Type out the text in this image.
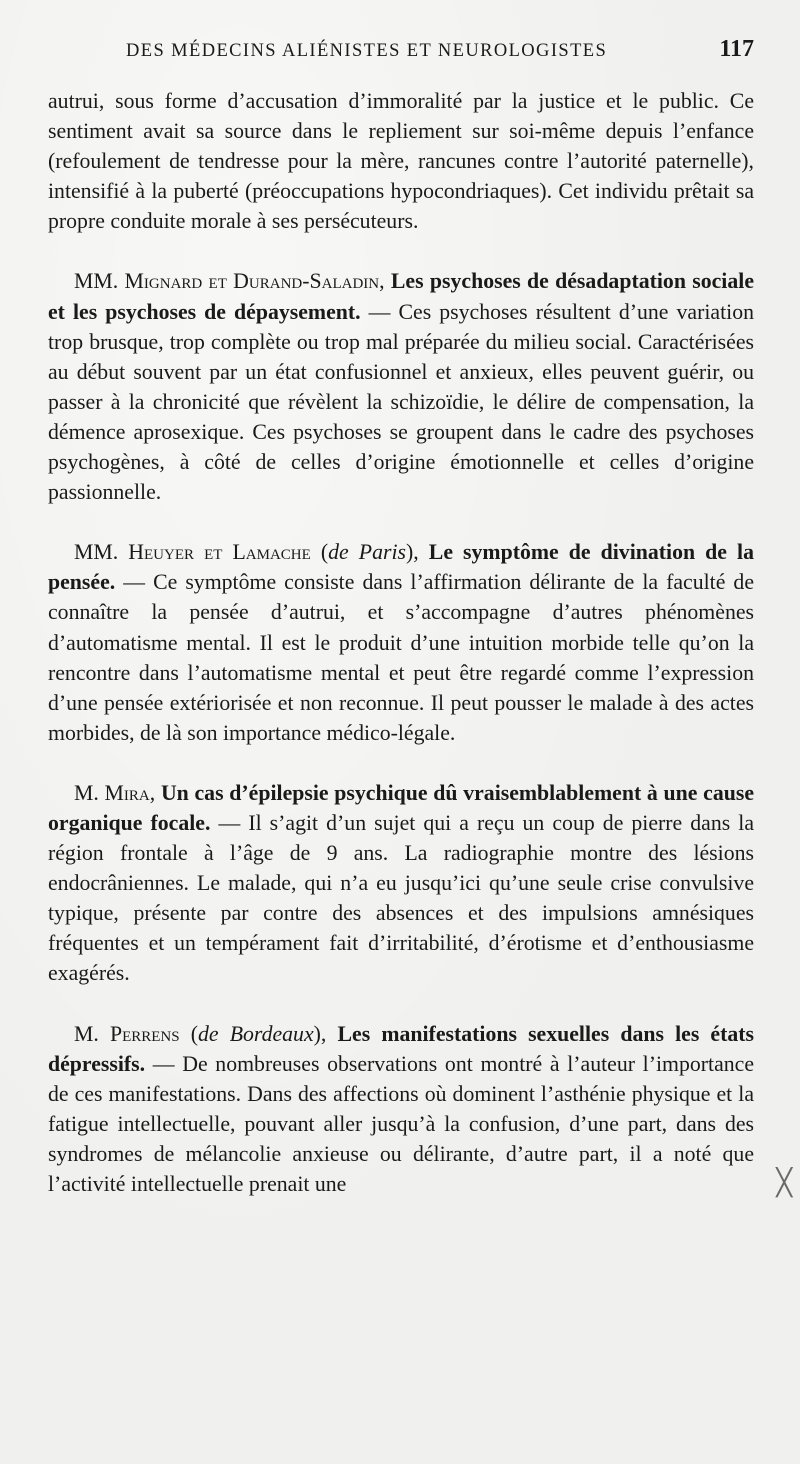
DES MÉDECINS ALIÉNISTES ET NEUROLOGISTES	117

autrui, sous forme d’accusation d’immoralité par la justice et le public. Ce sentiment avait sa source dans le repliement sur soi-même depuis l’enfance (refoulement de tendresse pour la mère, rancunes contre l’autorité paternelle), intensifié à la puberté (préoccupations hypocondriaques). Cet individu prêtait sa propre conduite morale à ses persécuteurs.

MM. Mignard et Durand-Saladin, Les psychoses de désadaptation sociale et les psychoses de dépaysement. — Ces psychoses résultent d’une variation trop brusque, trop complète ou trop mal préparée du milieu social. Caractérisées au début souvent par un état confusionnel et anxieux, elles peuvent guérir, ou passer à la chronicité que révèlent la schizoïdie, le délire de compensation, la démence aprosexique. Ces psychoses se groupent dans le cadre des psychoses psychogènes, à côté de celles d’origine émotionnelle et celles d’origine passionnelle.

MM. Heuyer et Lamache (de Paris), Le symptôme de divination de la pensée. — Ce symptôme consiste dans l’affirmation délirante de la faculté de connaître la pensée d’autrui, et s’accompagne d’autres phénomènes d’automatisme mental. Il est le produit d’une intuition morbide telle qu’on la rencontre dans l’automatisme mental et peut être regardé comme l’expression d’une pensée extériorisée et non reconnue. Il peut pousser le malade à des actes morbides, de là son importance médico-légale.

M. Mira, Un cas d’épilepsie psychique dû vraisemblablement à une cause organique focale. — Il s’agit d’un sujet qui a reçu un coup de pierre dans la région frontale à l’âge de 9 ans. La radiographie montre des lésions endocrâniennes. Le malade, qui n’a eu jusqu’ici qu’une seule crise convulsive typique, présente par contre des absences et des impulsions amnésiques fréquentes et un tempérament fait d’irritabilité, d’érotisme et d’enthousiasme exagérés.

M. Perrens (de Bordeaux), Les manifestations sexuelles dans les états dépressifs. — De nombreuses observations ont montré à l’auteur l’importance de ces manifestations. Dans des affections où dominent l’asthénie physique et la fatigue intellectuelle, pouvant aller jusqu’à la confusion, d’une part, dans des syndromes de mélancolie anxieuse ou délirante, d’autre part, il a noté que l’activité intellectuelle prenait une	╳
